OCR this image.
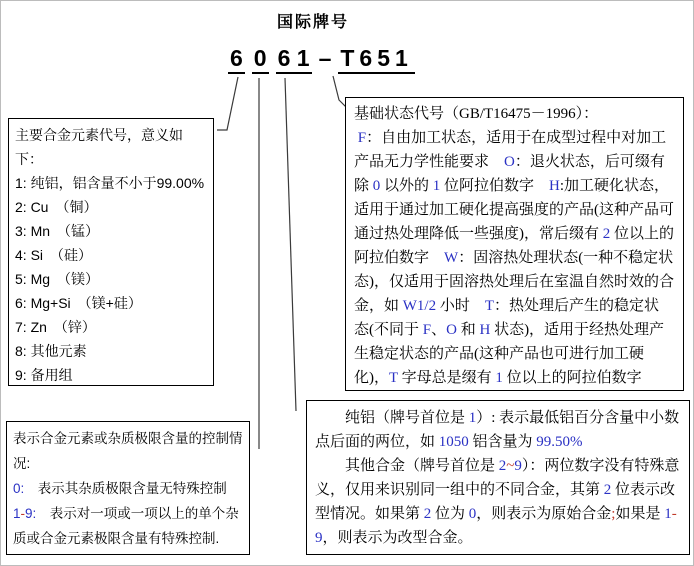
国际牌号
6 0 6 1 – T651
主要合金元素代号，意义如下：
1: 纯铝，铝含量不小于99.00%
2: Cu　（铜）
3: Mn　（锰）
4: Si　（硅）
5: Mg　（镁）
6: Mg+Si　（镁+硅）
7: Zn　（锌）
8: 其他元素
9: 备用组
基础状态代号（GB/T16475－1996）：
F：自由加工状态，适用于在成型过程中对加工产品无力学性能要求　O：退火状态，后可缀有除 0 以外的 1 位阿拉伯数字　H:加工硬化状态，适用于通过加工硬化提高强度的产品(这种产品可通过热处理降低一些强度)，常后缀有 2 位以上的阿拉伯数字　W：固溶热处理状态(一种不稳定状态)，仅适用于固溶热处理后在室温自然时效的合金，如 W1/2 小时　T：热处理后产生的稳定状态(不同于 F、O 和 H 状态)，适用于经热处理产生稳定状态的产品(这种产品也可进行加工硬化)，T 字母总是缀有 1 位以上的阿拉伯数字
表示合金元素或杂质极限含量的控制情况:
0:　表示其杂质极限含量无特殊控制
1-9:　表示对一项或一项以上的单个杂质或合金元素极限含量有特殊控制.
纯铝（牌号首位是 1）: 表示最低铝百分含量中小数点后面的两位，如 1050 铝含量为 99.50%
其他合金（牌号首位是 2~9）：两位数字没有特殊意义，仅用来识别同一组中的不同合金，其第 2 位表示改型情况。如果第 2 位为 0，则表示为原始合金;如果是 1-9，则表示为改型合金。
